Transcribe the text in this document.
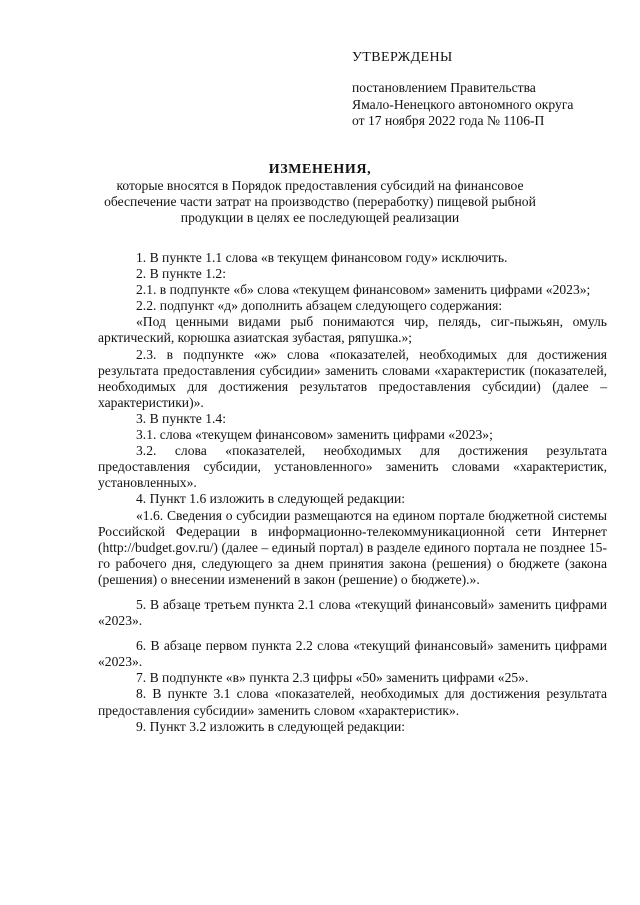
УТВЕРЖДЕНЫ
постановлением Правительства
Ямало-Ненецкого автономного округа
от 17 ноября 2022 года № 1106-П
ИЗМЕНЕНИЯ,
которые вносятся в Порядок предоставления субсидий на финансовое
обеспечение части затрат на производство (переработку) пищевой рыбной
продукции в целях ее последующей реализации

1. В пункте 1.1 слова «в текущем финансовом году» исключить.

2. В пункте 1.2:

2.1. в подпункте «б» слова «текущем финансовом» заменить цифрами «2023»;

2.2. подпункт «д» дополнить абзацем следующего содержания:

«Под ценными видами рыб понимаются чир, пелядь, сиг-пыжьян, омуль арктический, корюшка азиатская зубастая, ряпушка.»;

2.3. в подпункте «ж» слова «показателей, необходимых для достижения результата предоставления субсидии» заменить словами «характеристик (показателей, необходимых для достижения результатов предоставления субсидии) (далее – характеристики)».

3. В пункте 1.4:

3.1. слова «текущем финансовом» заменить цифрами «2023»;

3.2. слова «показателей, необходимых для достижения результата предоставления субсидии, установленного» заменить словами «характеристик, установленных».

4. Пункт 1.6 изложить в следующей редакции:

«1.6. Сведения о субсидии размещаются на едином портале бюджетной системы Российской Федерации в информационно-телекоммуникационной сети Интернет (http://budget.gov.ru/) (далее – единый портал) в разделе единого портала не позднее 15-го рабочего дня, следующего за днем принятия закона (решения) о бюджете (закона (решения) о внесении изменений в закон (решение) о бюджете).».

5. В абзаце третьем пункта 2.1 слова «текущий финансовый» заменить цифрами «2023».

6. В абзаце первом пункта 2.2 слова «текущий финансовый» заменить цифрами «2023».

7. В подпункте «в» пункта 2.3 цифры «50» заменить цифрами «25».

8. В пункте 3.1 слова «показателей, необходимых для достижения результата предоставления субсидии» заменить словом «характеристик».

9. Пункт 3.2 изложить в следующей редакции:
